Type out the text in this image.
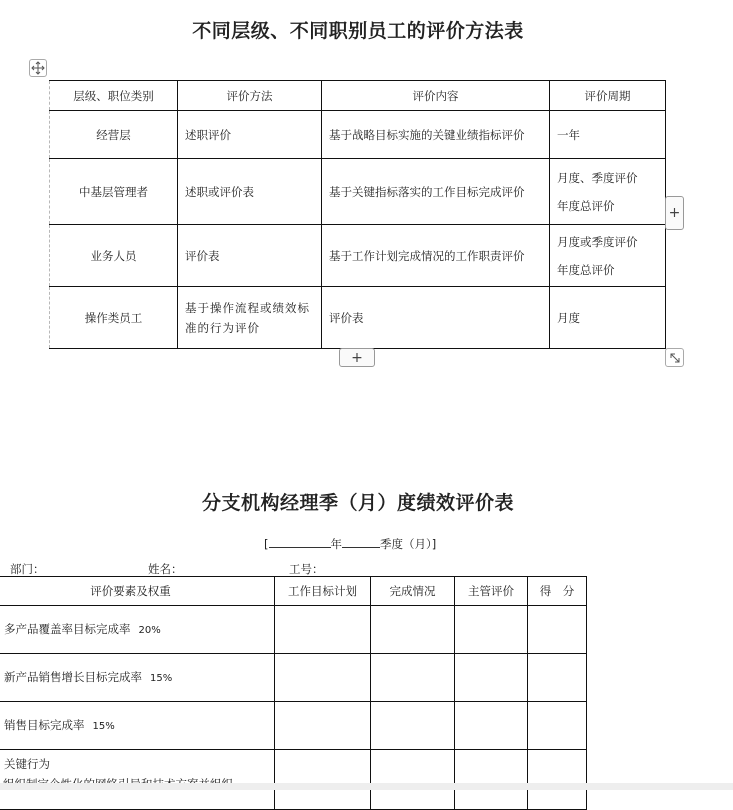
不同层级、不同职别员工的评价方法表
层级、职位类别	评价方法	评价内容	评价周期
经营层	述职评价	基于战略目标实施的关键业绩指标评价	一年
中基层管理者	述职或评价表	基于关键指标落实的工作目标完成评价	月度、季度评价
年度总评价

业务人员	评价表	基于工作计划完成情况的工作职责评价	月度或季度评价
年度总评价

操作类员工	基于操作流程或绩效标准的行为评价	评价表	月度
+
+
分支机构经理季（月）度绩效评价表
[	年	季度（月）]
部门：	姓名：	工号：
评价要素及权重	工作目标计划	完成情况	主管评价	得　分
多产品覆盖率目标完成率 20%				
新产品销售增长目标完成率 15%				
销售目标完成率 15%				

关键行为				
